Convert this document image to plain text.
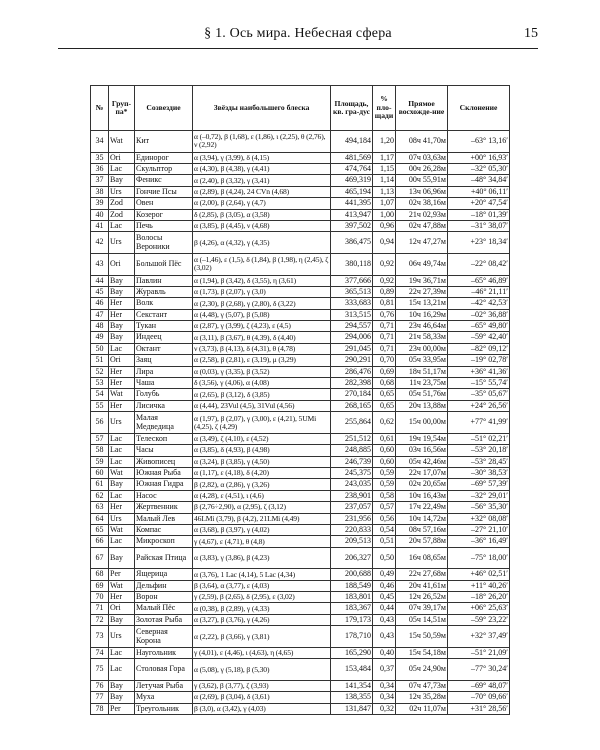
§ 1. Ось мира. Небесная сфера	15
№	Груп-па*	Созвездие	Звёзды наибольшего блеска	Площадь, кв. гра-дус	% пло-щади	Прямое восхожде-ние	Склонение
34	Wat	Кит	α (–0,72), β (1,68), ε (1,86), ι (2,25), θ (2,76), ν (2,92)	494,184	1,20	08ч 41,70м	–63° 13,16′
35	Ori	Единорог	α (3,94), γ (3,99), δ (4,15)	481,569	1,17	07ч 03,63м	+00° 16,93′
36	Lac	Скульптор	α (4,30), β (4,38), γ (4,41)	474,764	1,15	00ч 26,28м	–32° 05,30′
37	Bay	Феникс	α (2,40), β (3,32), γ (3,41)	469,319	1,14	00ч 55,91м	–48° 34,84′
38	Urs	Гончие Псы	α (2,89), β (4,24), 24 CVn (4,68)	465,194	1,13	13ч 06,96м	+40° 06,11′
39	Zod	Овен	α (2,00), β (2,64), γ (4,7)	441,395	1,07	02ч 38,16м	+20° 47,54′
40	Zod	Козерог	δ (2,85), β (3,05), α (3,58)	413,947	1,00	21ч 02,93м	–18° 01,39′
41	Lac	Печь	α (3,85), β (4,45), ν (4,68)	397,502	0,96	02ч 47,88м	–31° 38,07′
42	Urs	Волосы Вероники	β (4,26), α (4,32), γ (4,35)	386,475	0,94	12ч 47,27м	+23° 18,34′
43	Ori	Большой Пёс	α (–1,46), ε (1,5), δ (1,84), β (1,98), η (2,45), ζ (3,02)	380,118	0,92	06ч 49,74м	–22° 08,42′
44	Bay	Павлин	α (1,94), β (3,42), δ (3,55), η (3,61)	377,666	0,92	19ч 36,71м	–65° 46,89′
45	Bay	Журавль	α (1,73), β (2,07), γ (3,0)	365,513	0,89	22ч 27,39м	–46° 21,11′
46	Her	Волк	α (2,30), β (2,68), γ (2,80), δ (3,22)	333,683	0,81	15ч 13,21м	–42° 42,53′
47	Her	Секстант	α (4,48), γ (5,07), β (5,08)	313,515	0,76	10ч 16,29м	–02° 36,88′
48	Bay	Тукан	α (2,87), γ (3,99), ζ (4,23), ε (4,5)	294,557	0,71	23ч 46,64м	–65° 49,80′
49	Bay	Индеец	α (3,11), β (3,67), θ (4,39), δ (4,40)	294,006	0,71	21ч 58,33м	–59° 42,40′
50	Lac	Октант	ν (3,73), β (4,13), δ (4,31), θ (4,78)	291,045	0,71	23ч 00,00м	–82° 09,12′
51	Ori	Заяц	α (2,58), β (2,81), ε (3,19), μ (3,29)	290,291	0,70	05ч 33,95м	–19° 02,78′
52	Her	Лира	α (0,03), γ (3,35), β (3,52)	286,476	0,69	18ч 51,17м	+36° 41,36′
53	Her	Чаша	δ (3,56), γ (4,06), α (4,08)	282,398	0,68	11ч 23,75м	–15° 55,74′
54	Wat	Голубь	α (2,65), β (3,12), δ (3,85)	270,184	0,65	05ч 51,76м	–35° 05,67′
55	Her	Лисичка	α (4,44), 23Vul (4,5), 31Vul (4,56)	268,165	0,65	20ч 13,88м	+24° 26,56′
56	Urs	Малая Медведица	α (1,97), β (2,07), γ (3,00), ε (4,21), 5UMi (4,25), ζ (4,29)	255,864	0,62	15ч 00,00м	+77° 41,99′
57	Lac	Телескоп	α (3,49), ζ (4,10), ε (4,52)	251,512	0,61	19ч 19,54м	–51° 02,21′
58	Lac	Часы	α (3,85), δ (4,93), β (4,98)	248,885	0,60	03ч 16,56м	–53° 20,18′
59	Lac	Живописец	α (3,24), β (3,85), γ (4,50)	246,739	0,60	05ч 42,46м	–53° 28,45′
60	Wat	Южная Рыба	α (1,17), ε (4,18), δ (4,20)	245,375	0,59	22ч 17,07м	–30° 38,53′
61	Bay	Южная Гидра	β (2,82), α (2,86), γ (3,26)	243,035	0,59	02ч 20,65м	–69° 57,39′
62	Lac	Насос	α (4,28), ε (4,51), ι (4,6)	238,901	0,58	10ч 16,43м	–32° 29,01′
63	Her	Жертвенник	β (2,76÷2,90), α (2,95), ζ (3,12)	237,057	0,57	17ч 22,49м	–56° 35,30′
64	Urs	Малый Лев	46LMi (3,79), β (4,2), 21LMi (4,49)	231,956	0,56	10ч 14,72м	+32° 08,08′
65	Wat	Компас	α (3,68), β (3,97), γ (4,02)	220,833	0,54	08ч 57,16м	–27° 21,10′
66	Lac	Микроскоп	γ (4,67), ε (4,71), θ (4,8)	209,513	0,51	20ч 57,88м	–36° 16,49′
67	Bay	Райская Птица	α (3,83), γ (3,86), β (4,23)	206,327	0,50	16ч 08,65м	–75° 18,00′
68	Per	Ящерица	α (3,76), 1 Lac (4,14), 5 Lac (4,34)	200,688	0,49	22ч 27,68м	+46° 02,51′
69	Wat	Дельфин	β (3,64), α (3,77), ε (4,03)	188,549	0,46	20ч 41,61м	+11° 40,26′
70	Her	Ворон	γ (2,59), β (2,65), δ (2,95), ε (3,02)	183,801	0,45	12ч 26,52м	–18° 26,20′
71	Ori	Малый Пёс	α (0,38), β (2,89), γ (4,33)	183,367	0,44	07ч 39,17м	+06° 25,63′
72	Bay	Золотая Рыба	α (3,27), β (3,76), γ (4,26)	179,173	0,43	05ч 14,51м	–59° 23,22′
73	Urs	Северная Корона	α (2,22), β (3,66), γ (3,81)	178,710	0,43	15ч 50,59м	+32° 37,49′
74	Lac	Наугольник	γ (4,01), ε (4,46), ι (4,63), η (4,65)	165,290	0,40	15ч 54,18м	–51° 21,09′
75	Lac	Столовая Гора	α (5,08), γ (5,18), β (5,30)	153,484	0,37	05ч 24,90м	–77° 30,24′
76	Bay	Летучая Рыба	γ (3,62), β (3,77), ζ (3,93)	141,354	0,34	07ч 47,73м	–69° 48,07′
77	Bay	Муха	α (2,69), β (3,04), δ (3,61)	138,355	0,34	12ч 35,28м	–70° 09,66′
78	Per	Треугольник	β (3,0), α (3,42), γ (4,03)	131,847	0,32	02ч 11,07м	+31° 28,56′
